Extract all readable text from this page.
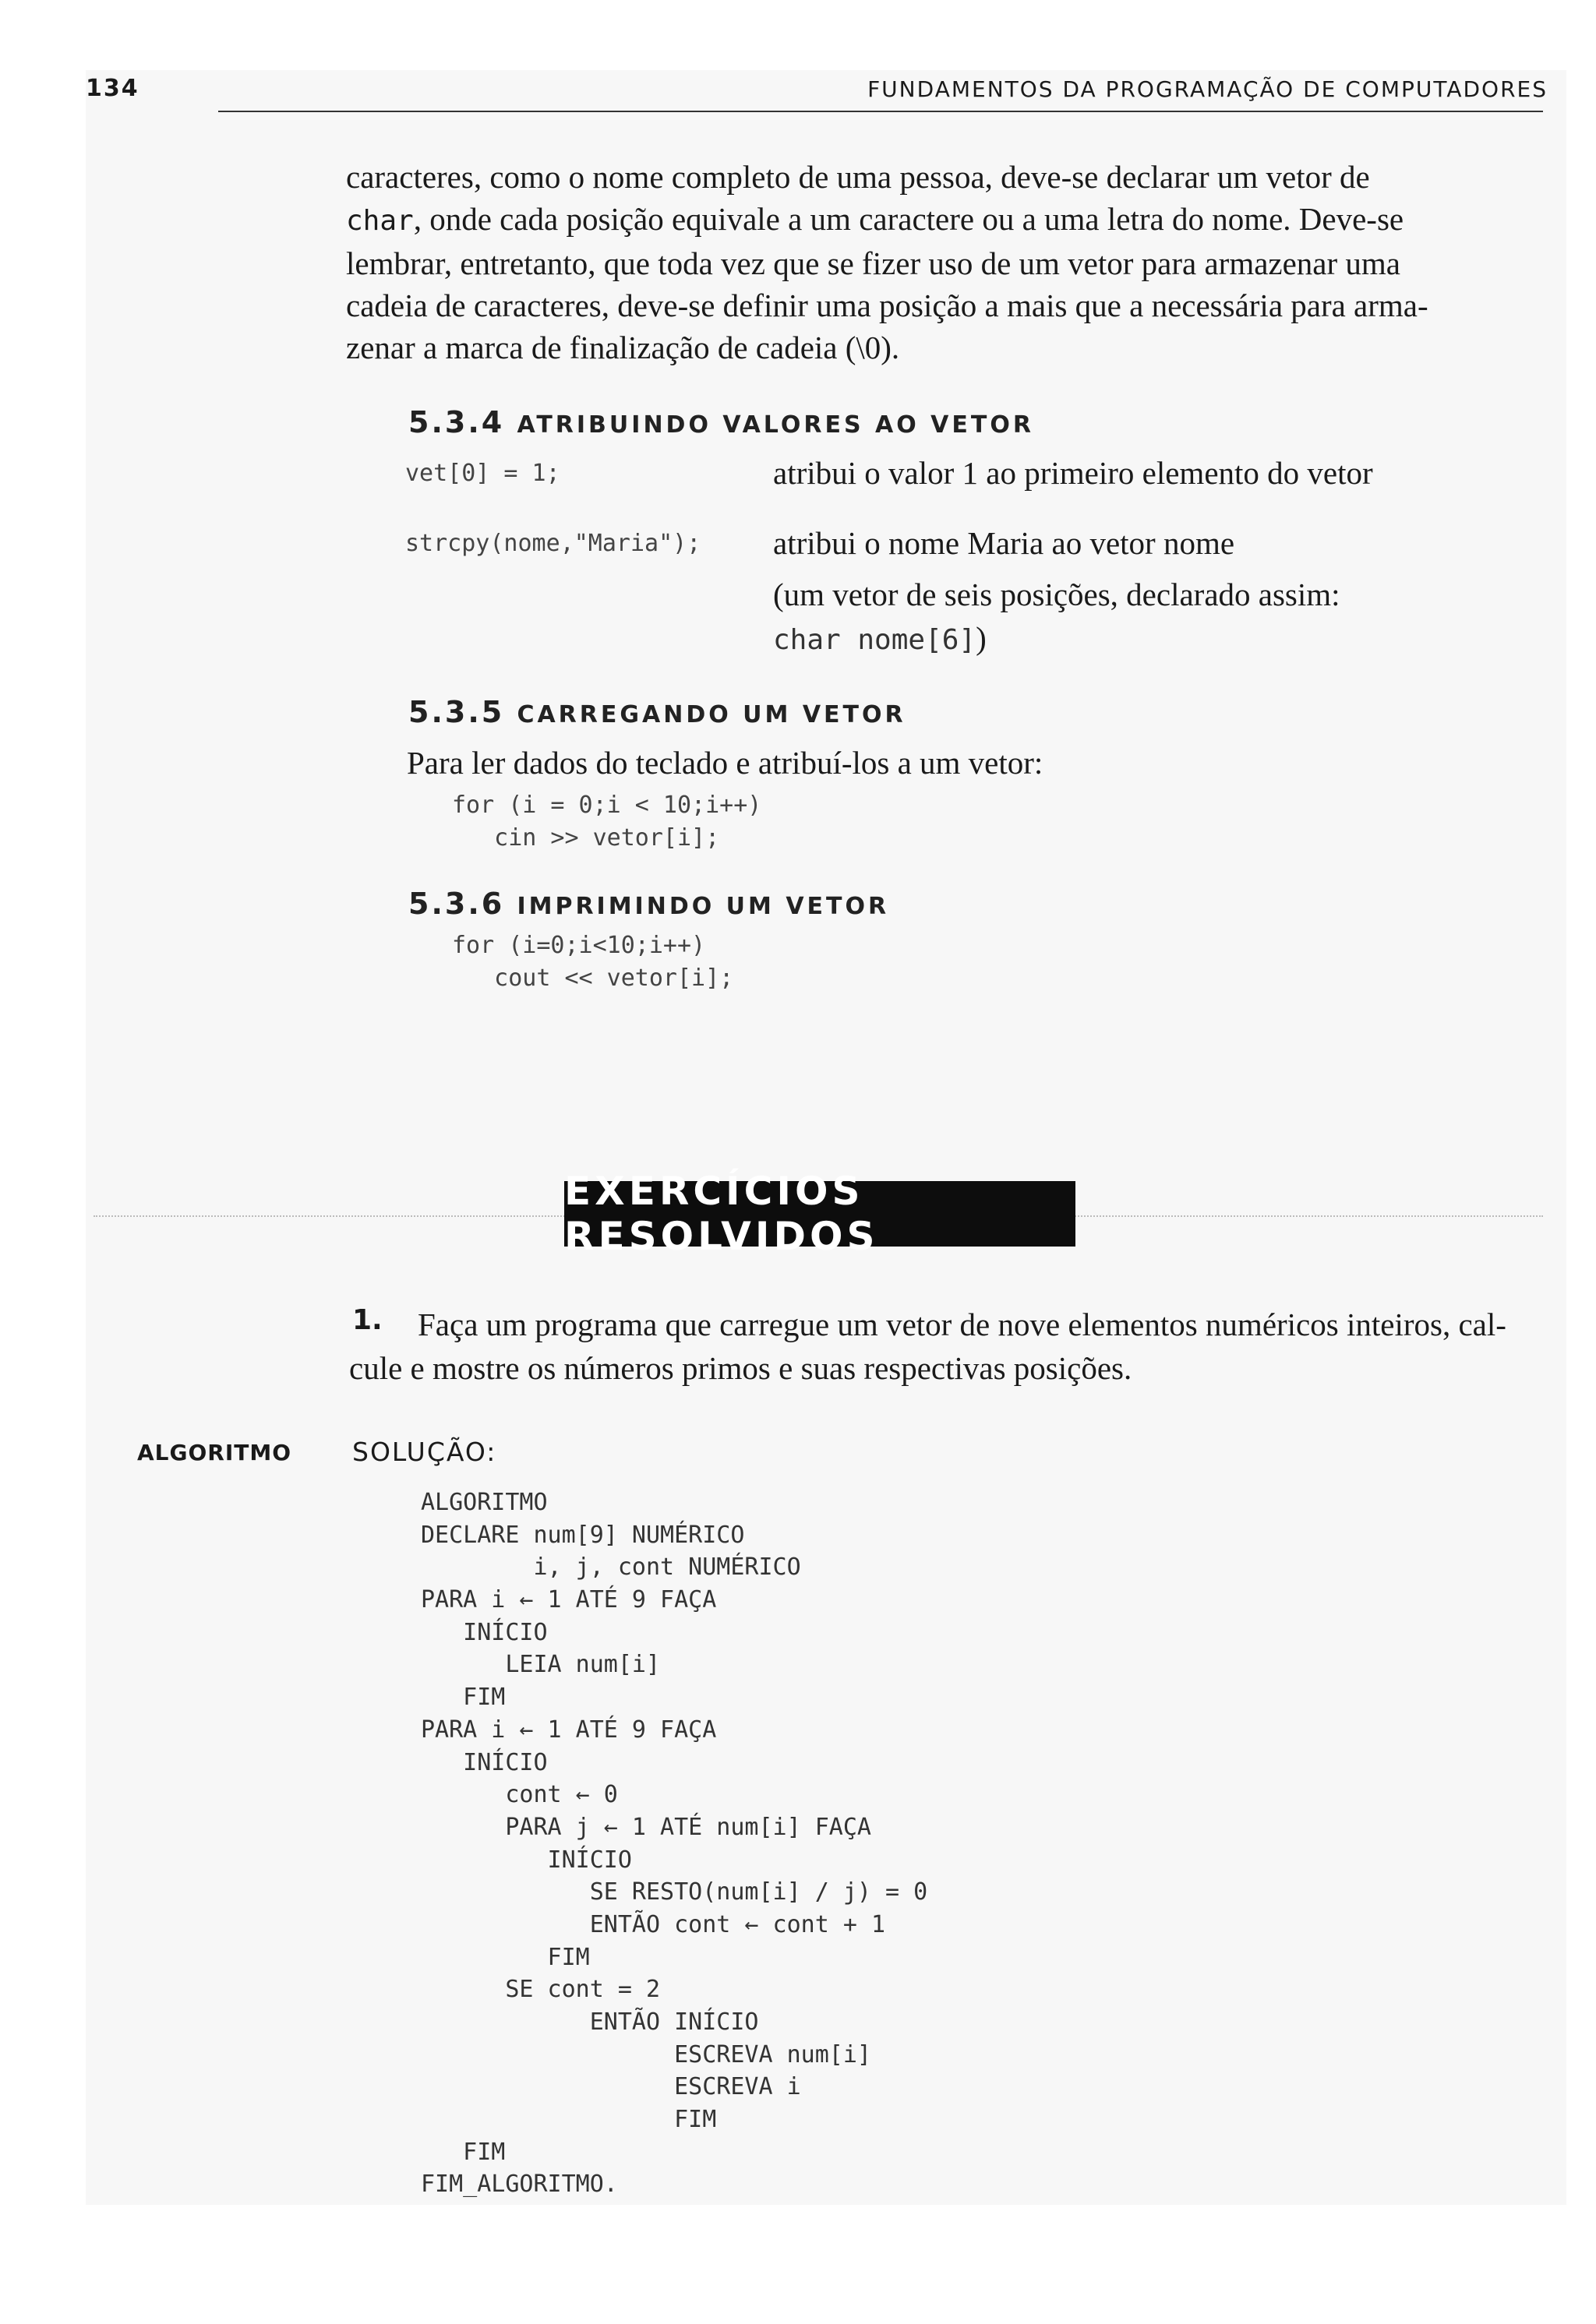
134	FUNDAMENTOS DA PROGRAMAÇÃO DE COMPUTADORES
caracteres, como o nome completo de uma pessoa, deve-se declarar um vetor de
char, onde cada posição equivale a um caractere ou a uma letra do nome. Deve-se
lembrar, entretanto, que toda vez que se fizer uso de um vetor para armazenar uma
cadeia de caracteres, deve-se definir uma posição a mais que a necessária para arma-
zenar a marca de finalização de cadeia (\0).
5.3.4 ATRIBUINDO VALORES AO VETOR
vet[0] = 1;	atribui o valor 1 ao primeiro elemento do vetor
strcpy(nome,"Maria"); atribui o nome Maria ao vetor nome
(um vetor de seis posições, declarado assim:
char nome[6])
5.3.5 CARREGANDO UM VETOR
Para ler dados do teclado e atribuí-los a um vetor:
for (i = 0;i < 10;i++)
cin >> vetor[i];
5.3.6 IMPRIMINDO UM VETOR
for (i=0;i<10;i++)
cout << vetor[i];
EXERCÍCIOS RESOLVIDOS
1. Faça um programa que carregue um vetor de nove elementos numéricos inteiros, cal-
cule e mostre os números primos e suas respectivas posições.
ALGORITMO SOLUÇÃO:
ALGORITMO
DECLARE num[9] NUMÉRICO
i, j, cont NUMÉRICO
PARA i ← 1 ATÉ 9 FAÇA
INÍCIO
LEIA num[i]
FIM
PARA i ← 1 ATÉ 9 FAÇA
INÍCIO
cont ← 0
PARA j ← 1 ATÉ num[i] FAÇA
INÍCIO
SE RESTO(num[i] / j) = 0
ENTÃO cont ← cont + 1
FIM
SE cont = 2
ENTÃO INÍCIO
ESCREVA num[i]
ESCREVA i
FIM
FIM
FIM_ALGORITMO.
